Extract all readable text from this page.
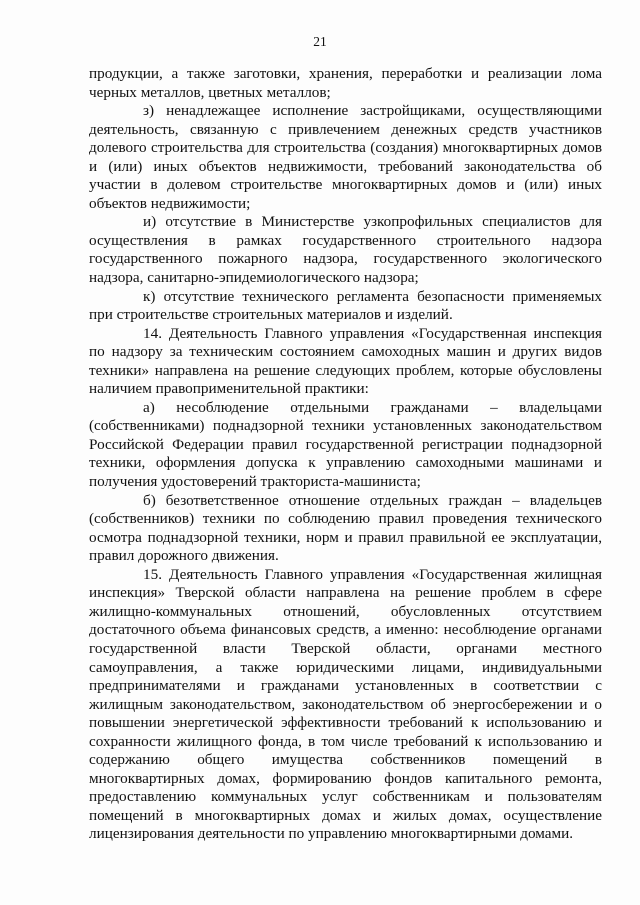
21

продукции, а также заготовки, хранения, переработки и реализации лома черных металлов, цветных металлов;

з) ненадлежащее исполнение застройщиками, осуществляющими деятельность, связанную с привлечением денежных средств участников долевого строительства для строительства (создания) многоквартирных домов и (или) иных объектов недвижимости, требований законодательства об участии в долевом строительстве многоквартирных домов и (или) иных объектов недвижимости;

и) отсутствие в Министерстве узкопрофильных специалистов для осуществления в рамках государственного строительного надзора государственного пожарного надзора, государственного экологического надзора, санитарно-эпидемиологического надзора;

к) отсутствие технического регламента безопасности применяемых при строительстве строительных материалов и изделий.

14. Деятельность Главного управления «Государственная инспекция по надзору за техническим состоянием самоходных машин и других видов техники» направлена на решение следующих проблем, которые обусловлены наличием правоприменительной практики:

а) несоблюдение отдельными гражданами – владельцами (собственниками) поднадзорной техники установленных законодательством Российской Федерации правил государственной регистрации поднадзорной техники, оформления допуска к управлению самоходными машинами и получения удостоверений тракториста-машиниста;

б) безответственное отношение отдельных граждан – владельцев (собственников) техники по соблюдению правил проведения технического осмотра поднадзорной техники, норм и правил правильной ее эксплуатации, правил дорожного движения.

15. Деятельность Главного управления «Государственная жилищная инспекция» Тверской области направлена на решение проблем в сфере жилищно-коммунальных отношений, обусловленных отсутствием достаточного объема финансовых средств, а именно: несоблюдение органами государственной власти Тверской области, органами местного самоуправления, а также юридическими лицами, индивидуальными предпринимателями и гражданами установленных в соответствии с жилищным законодательством, законодательством об энергосбережении и о повышении энергетической эффективности требований к использованию и сохранности жилищного фонда, в том числе требований к использованию и содержанию общего имущества собственников помещений в многоквартирных домах, формированию фондов капитального ремонта, предоставлению коммунальных услуг собственникам и пользователям помещений в многоквартирных домах и жилых домах, осуществление лицензирования деятельности по управлению многоквартирными домами.
